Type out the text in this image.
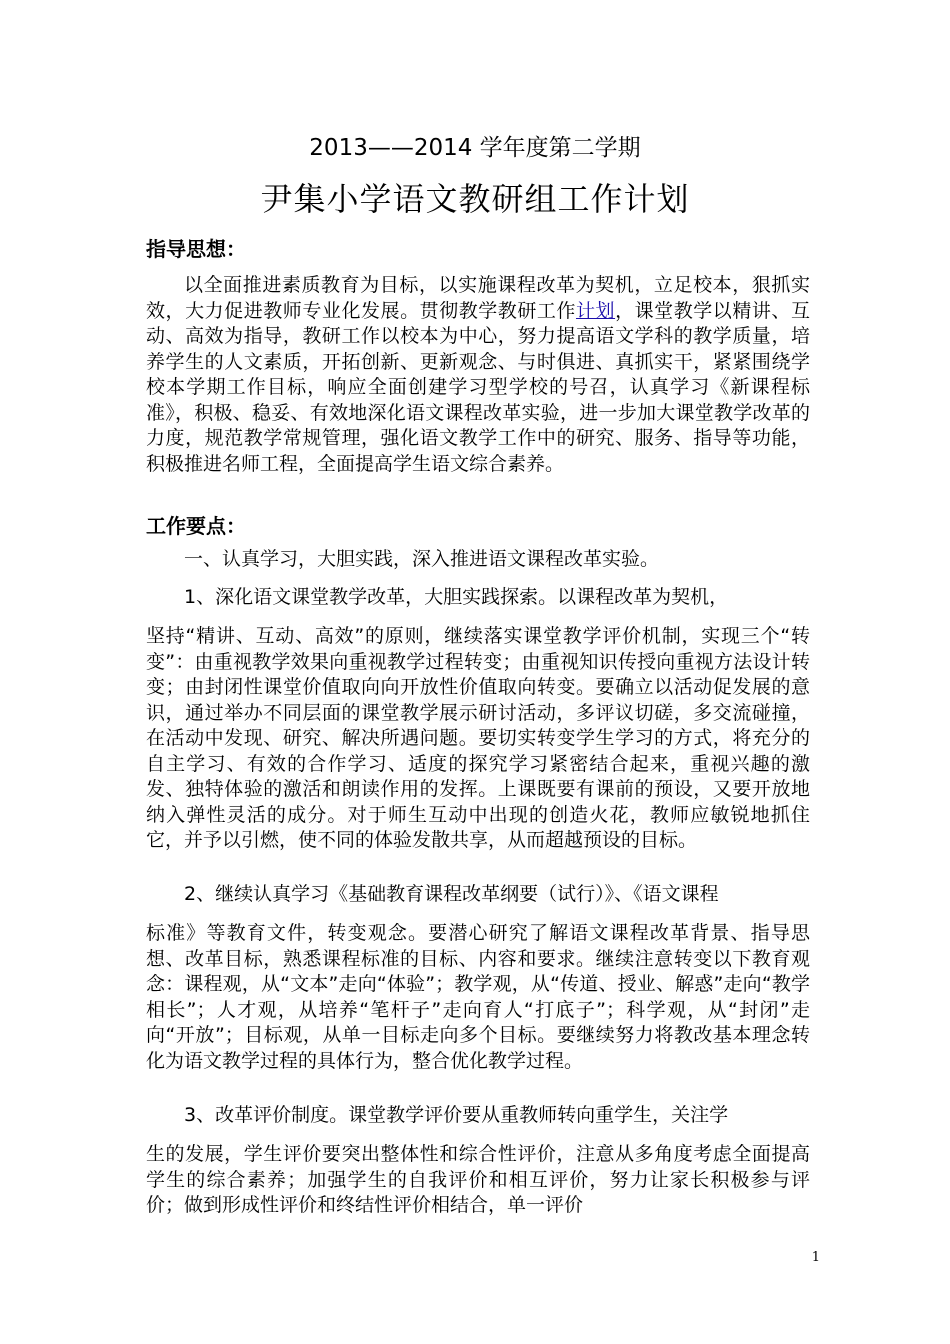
2013——2014 学年度第二学期
尹集小学语文教研组工作计划
指导思想：
以全面推进素质教育为目标，以实施课程改革为契机，立足校本，狠抓实效，大力促进教师专业化发展。贯彻教学教研工作计划，课堂教学以精讲、互动、高效为指导，教研工作以校本为中心，努力提高语文学科的教学质量，培养学生的人文素质，开拓创新、更新观念、与时俱进、真抓实干，紧紧围绕学校本学期工作目标，响应全面创建学习型学校的号召，认真学习《新课程标准》，积极、稳妥、有效地深化语文课程改革实验，进一步加大课堂教学改革的力度，规范教学常规管理，强化语文教学工作中的研究、服务、指导等功能，积极推进名师工程，全面提高学生语文综合素养。
工作要点：
一、认真学习，大胆实践，深入推进语文课程改革实验。
1、深化语文课堂教学改革，大胆实践探索。以课程改革为契机，
坚持“精讲、互动、高效”的原则，继续落实课堂教学评价机制，实现三个“转变”：由重视教学效果向重视教学过程转变；由重视知识传授向重视方法设计转变；由封闭性课堂价值取向向开放性价值取向转变。要确立以活动促发展的意识，通过举办不同层面的课堂教学展示研讨活动，多评议切磋，多交流碰撞，在活动中发现、研究、解决所遇问题。要切实转变学生学习的方式，将充分的自主学习、有效的合作学习、适度的探究学习紧密结合起来，重视兴趣的激发、独特体验的激活和朗读作用的发挥。上课既要有课前的预设，又要开放地纳入弹性灵活的成分。对于师生互动中出现的创造火花，教师应敏锐地抓住它，并予以引燃，使不同的体验发散共享，从而超越预设的目标。
2、继续认真学习《基础教育课程改革纲要（试行）》、《语文课程
标准》等教育文件，转变观念。要潜心研究了解语文课程改革背景、指导思想、改革目标，熟悉课程标准的目标、内容和要求。继续注意转变以下教育观念：课程观，从“文本”走向“体验”；教学观，从“传道、授业、解惑”走向“教学相长”；人才观，从培养“笔杆子”走向育人“打底子”；科学观，从“封闭”走向“开放”；目标观，从单一目标走向多个目标。要继续努力将教改基本理念转化为语文教学过程的具体行为，整合优化教学过程。
3、改革评价制度。课堂教学评价要从重教师转向重学生，关注学
生的发展，学生评价要突出整体性和综合性评价，注意从多角度考虑全面提高学生的综合素养；加强学生的自我评价和相互评价，努力让家长积极参与评价；做到形成性评价和终结性评价相结合，单一评价
1
